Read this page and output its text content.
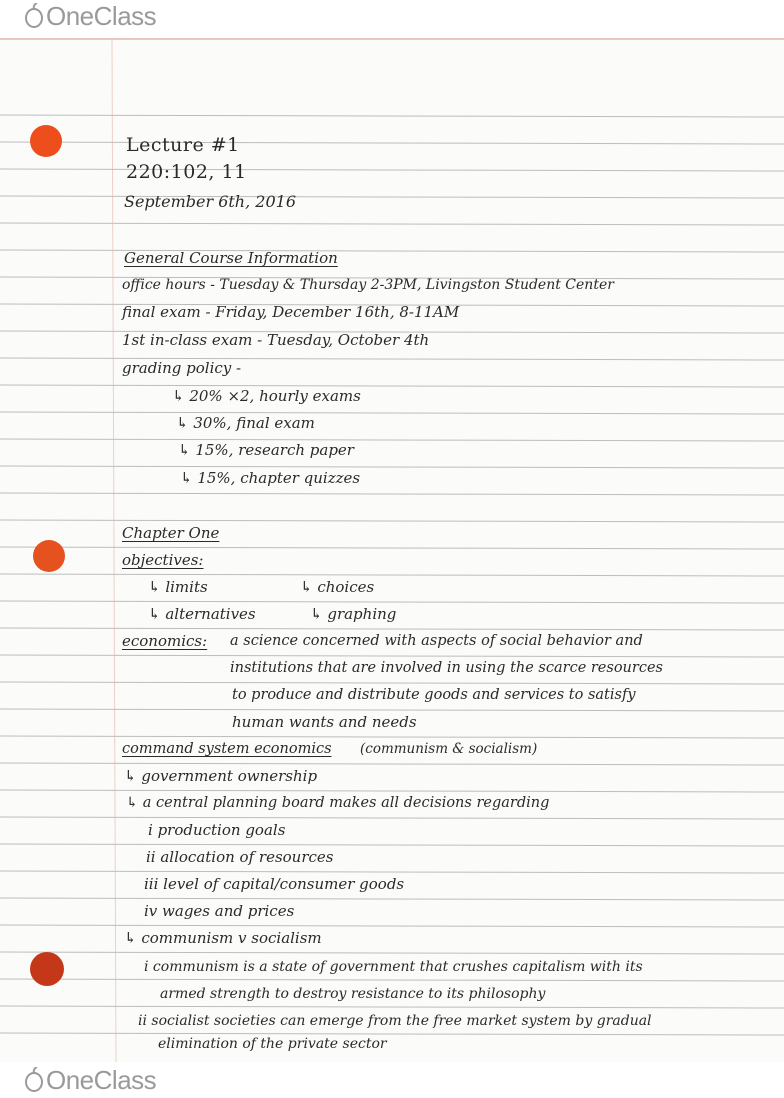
OneClass
Lecture #1
220:102, 11
September 6th, 2016
General Course Information
office hours - Tuesday & Thursday 2-3PM, Livingston Student Center
final exam - Friday, December 16th, 8-11AM
1st in-class exam - Tuesday, October 4th
grading policy -
↳ 20% ×2, hourly exams
↳ 30%, final exam
↳ 15%, research paper
↳ 15%, chapter quizzes
Chapter One
objectives:
↳ limits	↳ choices
↳ alternatives	↳ graphing
economics: a science concerned with aspects of social behavior and
institutions that are involved in using the scarce resources
to produce and distribute goods and services to satisfy
human wants and needs
command system economics (communism & socialism)
↳ government ownership
↳ a central planning board makes all decisions regarding
i production goals
ii allocation of resources
iii level of capital/consumer goods
iv wages and prices
↳ communism v socialism
i communism is a state of government that crushes capitalism with its
armed strength to destroy resistance to its philosophy
ii socialist societies can emerge from the free market system by gradual
elimination of the private sector
OneClass
